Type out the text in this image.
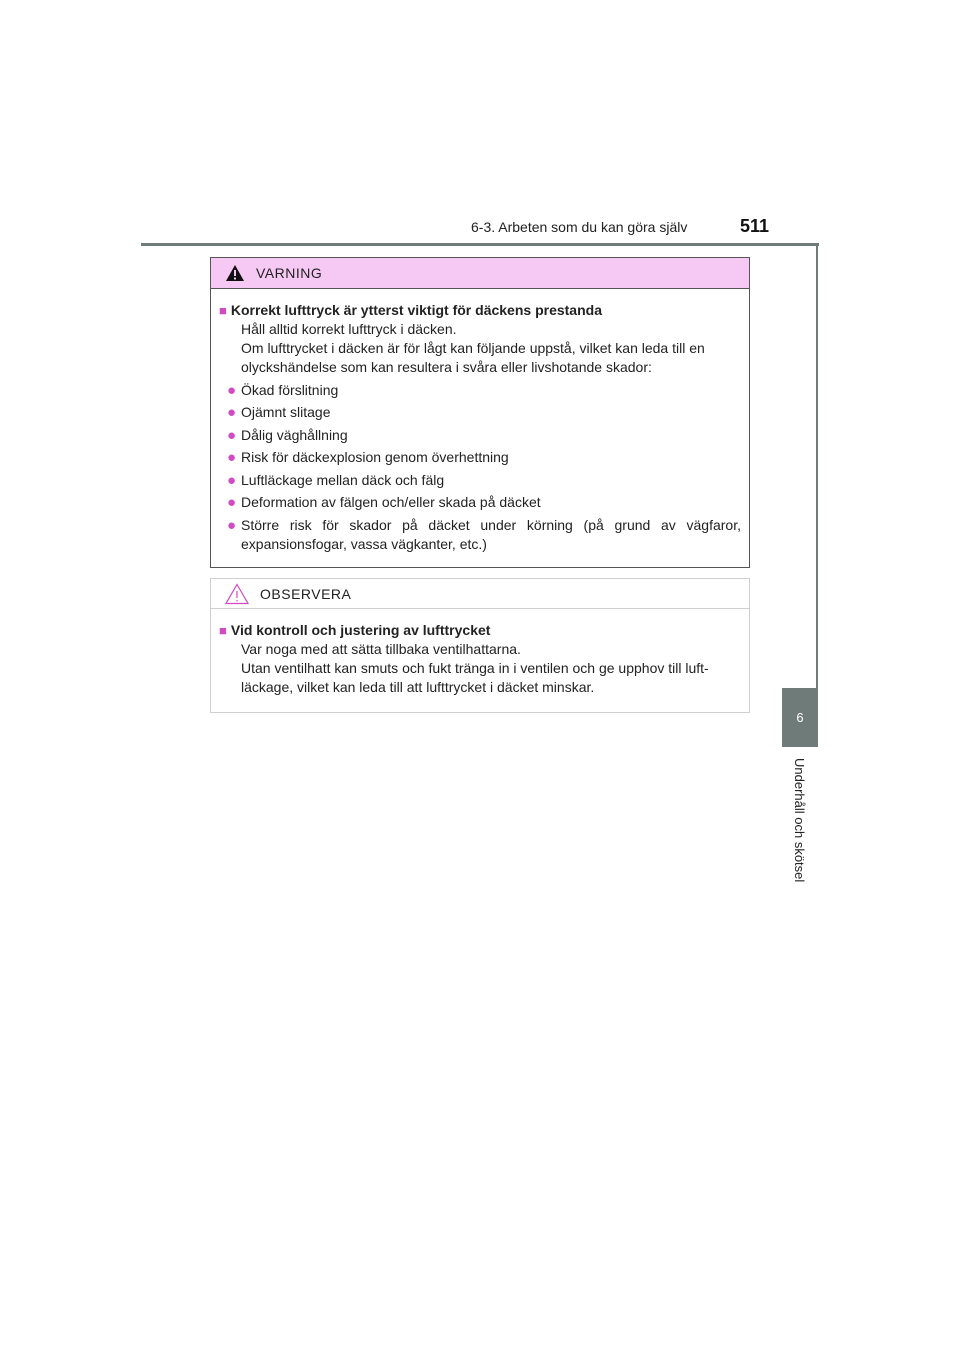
6-3. Arbeten som du kan göra själv	511
6
Underhåll och skötsel
VARNING
■ Korrekt lufttryck är ytterst viktigt för däckens prestanda
Håll alltid korrekt lufttryck i däcken.
Om lufttrycket i däcken är för lågt kan följande uppstå, vilket kan leda till en olyckshändelse som kan resultera i svåra eller livshotande skador:
● Ökad förslitning
● Ojämnt slitage
● Dålig väghållning
● Risk för däckexplosion genom överhettning
● Luftläckage mellan däck och fälg
● Deformation av fälgen och/eller skada på däcket
● Större risk för skador på däcket under körning (på grund av vägfaror, expansionsfogar, vassa vägkanter, etc.)
OBSERVERA
■ Vid kontroll och justering av lufttrycket
Var noga med att sätta tillbaka ventilhattarna.
Utan ventilhatt kan smuts och fukt tränga in i ventilen och ge upphov till luft-läckage, vilket kan leda till att lufttrycket i däcket minskar.
